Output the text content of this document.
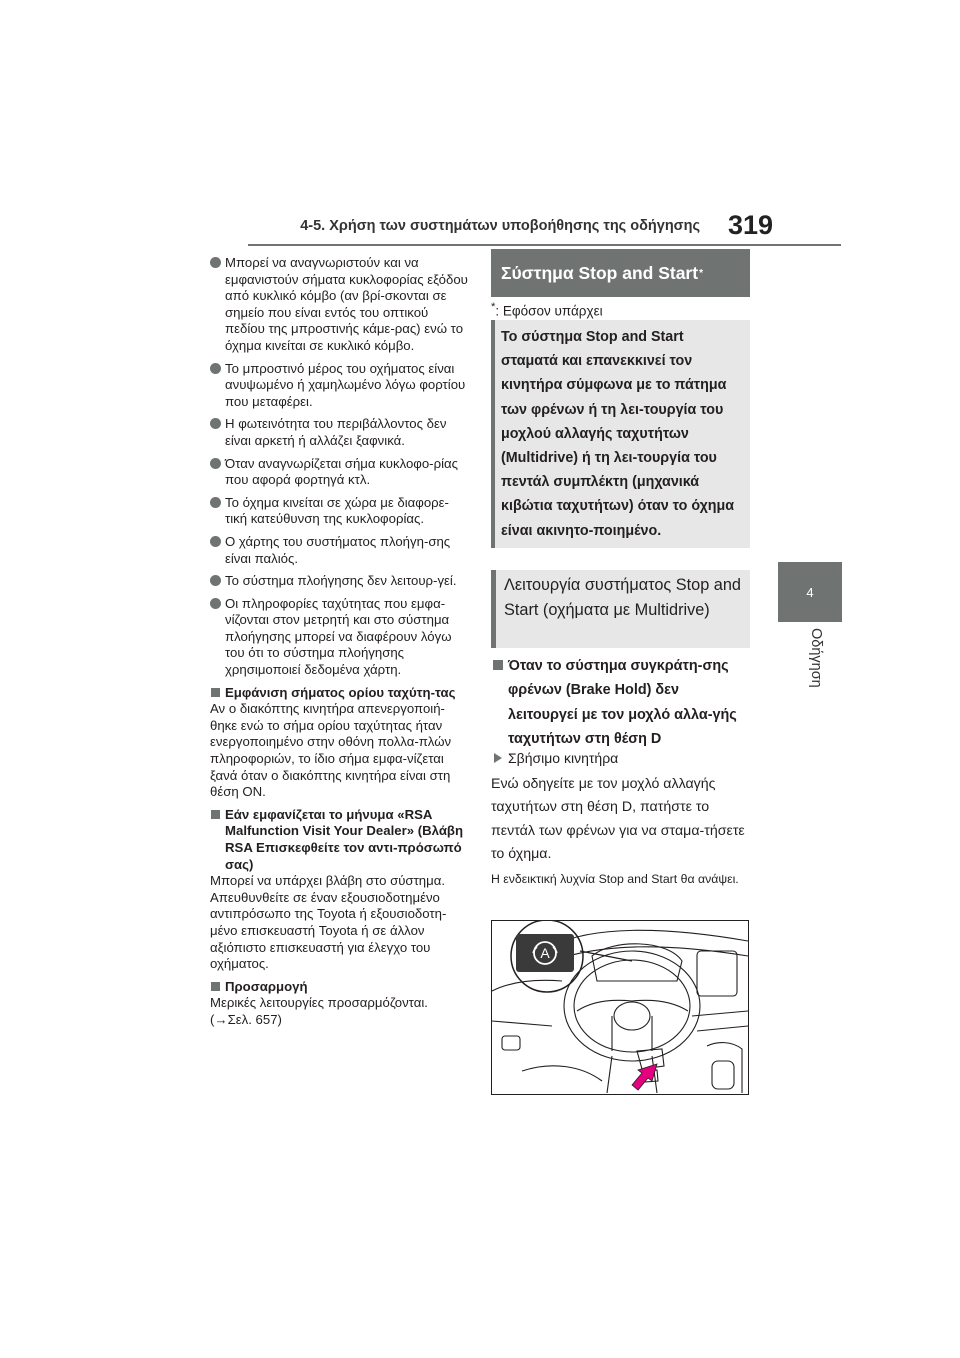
4-5. Χρήση των συστημάτων υποβοήθησης της οδήγησης 319
4
Οδήγηση
Μπορεί να αναγνωριστούν και να εμφανιστούν σήματα κυκλοφορίας εξόδου από κυκλικό κόμβο (αν βρί-σκονται σε σημείο που είναι εντός του οπτικού πεδίου της μπροστινής κάμε-ρας) ενώ το όχημα κινείται σε κυκλικό κόμβο.
Το μπροστινό μέρος του οχήματος είναι ανυψωμένο ή χαμηλωμένο λόγω φορτίου που μεταφέρει.
Η φωτεινότητα του περιβάλλοντος δεν είναι αρκετή ή αλλάζει ξαφνικά.
Όταν αναγνωρίζεται σήμα κυκλοφο-ρίας που αφορά φορτηγά κτλ.
Το όχημα κινείται σε χώρα με διαφορε-τική κατεύθυνση της κυκλοφορίας.
Ο χάρτης του συστήματος πλοήγη-σης είναι παλιός.
Το σύστημα πλοήγησης δεν λειτουρ-γεί.
Οι πληροφορίες ταχύτητας που εμφα-νίζονται στον μετρητή και στο σύστημα πλοήγησης μπορεί να διαφέρουν λόγω του ότι το σύστημα πλοήγησης χρησιμοποιεί δεδομένα χάρτη.
Εμφάνιση σήματος ορίου ταχύτη-τας
Αν ο διακόπτης κινητήρα απενεργοποιή-θηκε ενώ το σήμα ορίου ταχύτητας ήταν ενεργοποιημένο στην οθόνη πολλα-πλών πληροφοριών, το ίδιο σήμα εμφα-νίζεται ξανά όταν ο διακόπτης κινητήρα είναι στη θέση ON.
Εάν εμφανίζεται το μήνυμα «RSA Malfunction Visit Your Dealer» (Βλάβη RSA Επισκεφθείτε τον αντι-πρόσωπό σας)
Μπορεί να υπάρχει βλάβη στο σύστημα. Απευθυνθείτε σε έναν εξουσιοδοτημένο αντιπρόσωπο της Toyota ή εξουσιοδοτη-μένο επισκευαστή Toyota ή σε άλλον αξιόπιστο επισκευαστή για έλεγχο του οχήματος.
Προσαρμογή
Μερικές λειτουργίες προσαρμόζονται.
(→Σελ. 657)
Σύστημα Stop and Start *
*: Εφόσον υπάρχει
Το σύστημα Stop and Start σταματά και επανεκκινεί τον κινητήρα σύμφωνα με το πάτημα των φρένων ή τη λει-τουργία του μοχλού αλλαγής ταχυτήτων (Multidrive) ή τη λει-τουργία του πεντάλ συμπλέκτη (μηχανικά κιβώτια ταχυτήτων) όταν το όχημα είναι ακινητο-ποιημένο.
Λειτουργία συστήματος Stop and Start (οχήματα με Multidrive)
Όταν το σύστημα συγκράτη-σης φρένων (Brake Hold) δεν λειτουργεί με τον μοχλό αλλα-γής ταχυτήτων στη θέση D
Σβήσιμο κινητήρα
Ενώ οδηγείτε με τον μοχλό αλλαγής ταχυτήτων στη θέση D, πατήστε το πεντάλ των φρένων για να σταμα-τήσετε το όχημα.
Η ενδεικτική λυχνία Stop and Start θα ανάψει.
A
